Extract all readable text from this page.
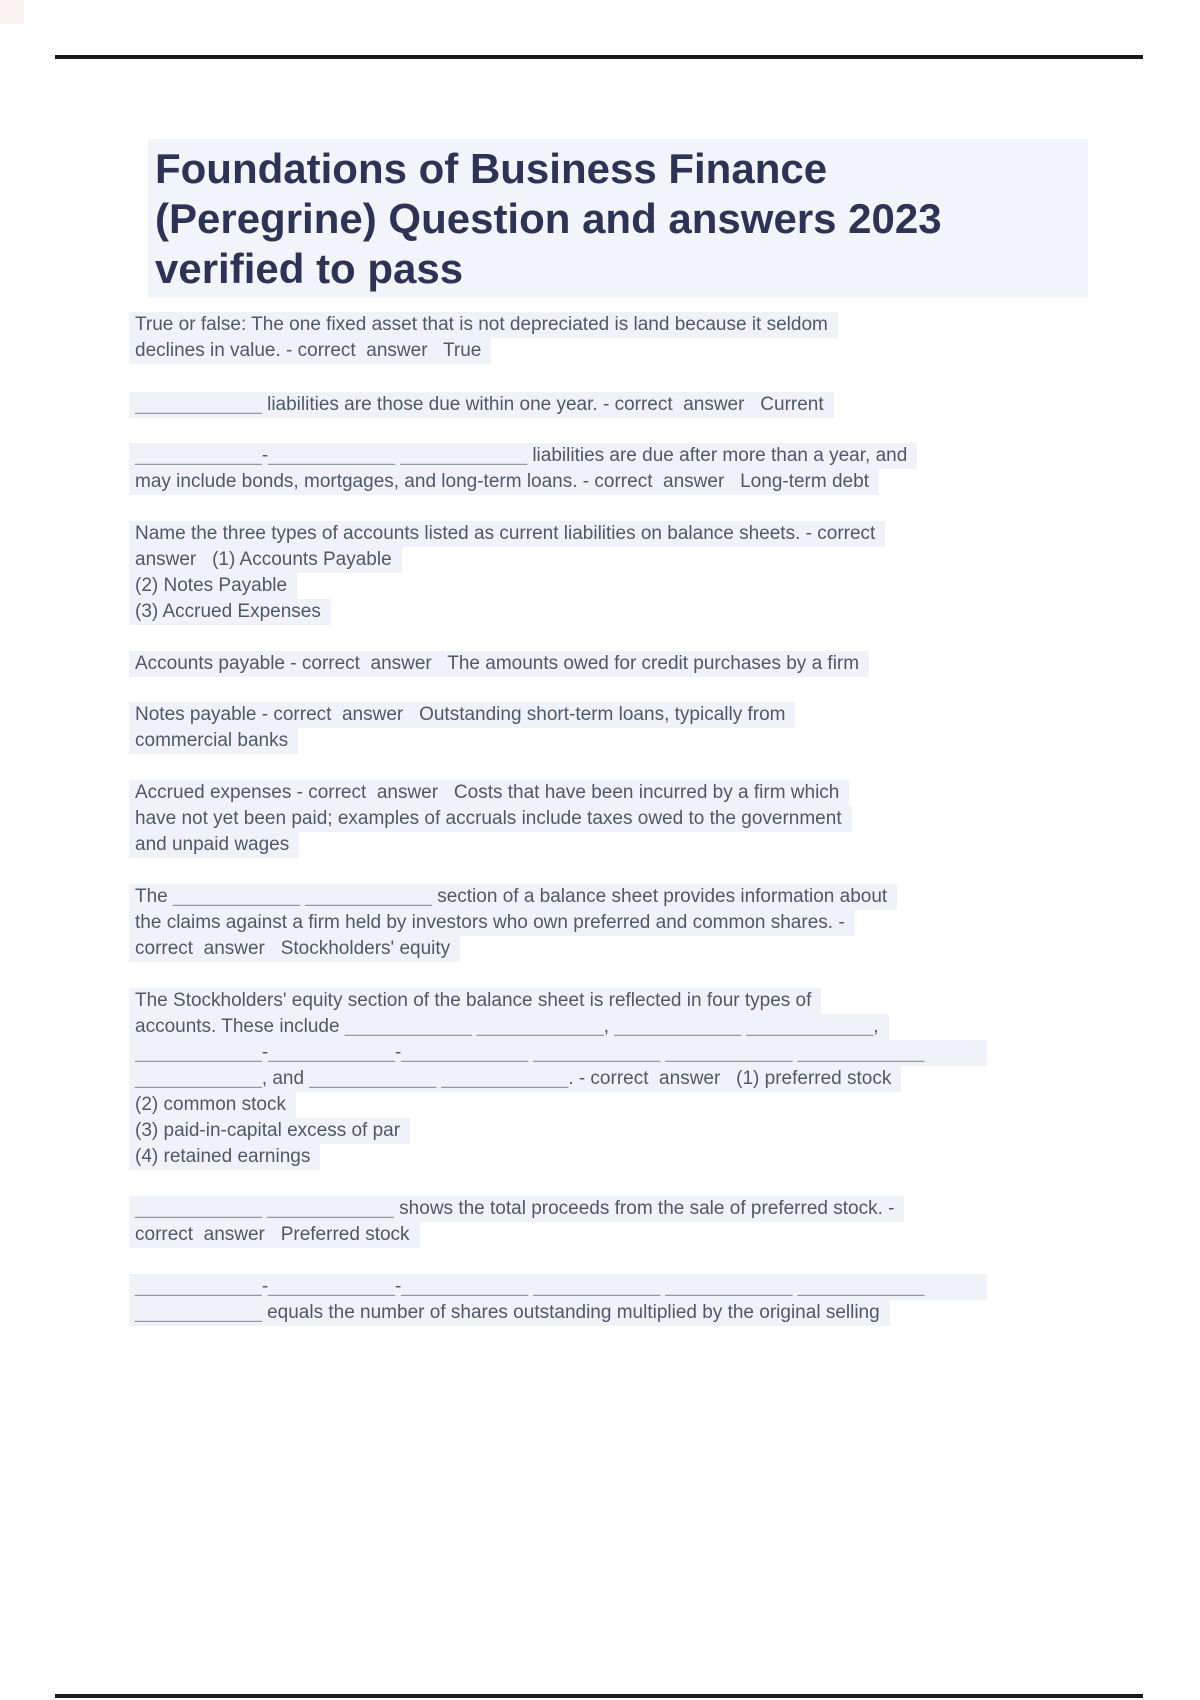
Foundations of Business Finance
(Peregrine) Question and answers 2023
verified to pass
True or false: The one fixed asset that is not depreciated is land because it seldom
declines in value. - correct  answer   True
____________ liabilities are those due within one year. - correct  answer   Current
____________-____________ ____________ liabilities are due after more than a year, and
may include bonds, mortgages, and long-term loans. - correct  answer   Long-term debt
Name the three types of accounts listed as current liabilities on balance sheets. - correct
answer   (1) Accounts Payable
(2) Notes Payable
(3) Accrued Expenses
Accounts payable - correct  answer   The amounts owed for credit purchases by a firm
Notes payable - correct  answer   Outstanding short-term loans, typically from
commercial banks
Accrued expenses - correct  answer   Costs that have been incurred by a firm which
have not yet been paid; examples of accruals include taxes owed to the government
and unpaid wages
The ____________ ____________ section of a balance sheet provides information about
the claims against a firm held by investors who own preferred and common shares. -
correct  answer   Stockholders' equity
The Stockholders' equity section of the balance sheet is reflected in four types of
accounts. These include ____________ ____________, ____________ ____________,
____________-____________-____________ ____________ ____________ ____________
____________, and ____________ ____________. - correct  answer   (1) preferred stock
(2) common stock
(3) paid-in-capital excess of par
(4) retained earnings
____________ ____________ shows the total proceeds from the sale of preferred stock. -
correct  answer   Preferred stock
____________-____________-____________ ____________ ____________ ____________
____________ equals the number of shares outstanding multiplied by the original selling
